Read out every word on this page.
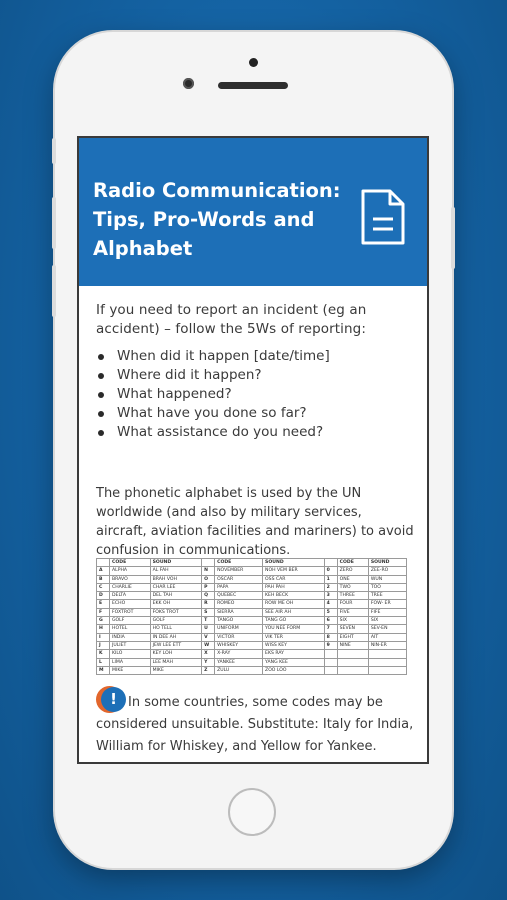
Radio Communication: Tips, Pro-Words and Alphabet

If you need to report an incident (eg an accident) – follow the 5Ws of reporting:

When did it happen [date/time]
Where did it happen?
What happened?
What have you done so far?
What assistance do you need?

The phonetic alphabet is used by the UN worldwide (and also by military services, aircraft, aviation facilities and mariners) to avoid confusion in communications.

	CODE	SOUND		CODE	SOUND		CODE	SOUND
A	ALPHA	AL FAH	N	NOVEMBER	NOH VEM BER	0	ZERO	ZEE-RO
B	BRAVO	BRAH VOH	O	OSCAR	OSS CAR	1	ONE	WUN
C	CHARLIE	CHAR LEE	P	PAPA	PAH PAH	2	TWO	TOO
D	DELTA	DEL TAH	Q	QUEBEC	KEH BECK	3	THREE	TREE
E	ECHO	EKK OH	R	ROMEO	ROW ME OH	4	FOUR	FOW- ER
F	FOXTROT	FOKS TROT	S	SIERRA	SEE AIR AH	5	FIVE	FIFE
G	GOLF	GOLF	T	TANGO	TANG GO	6	SIX	SIX
H	HOTEL	HO TELL	U	UNIFORM	YOU NEE FORM	7	SEVEN	SEV-EN
I	INDIA	IN DEE AH	V	VICTOR	VIK TER	8	EIGHT	AIT
J	JULIET	JEW LEE ETT	W	WHISKEY	WISS KEY	9	NINE	NIN-ER
K	KILO	KEY LOH	X	X-RAY	EKS RAY			
L	LIMA	LEE MAH	Y	YANKEE	YANG KEE			
M	MIKE	MIKE	Z	ZULU	ZOO LOO			
! In some countries, some codes may be considered unsuitable. Substitute: Italy for India, William for Whiskey, and Yellow for Yankee.
